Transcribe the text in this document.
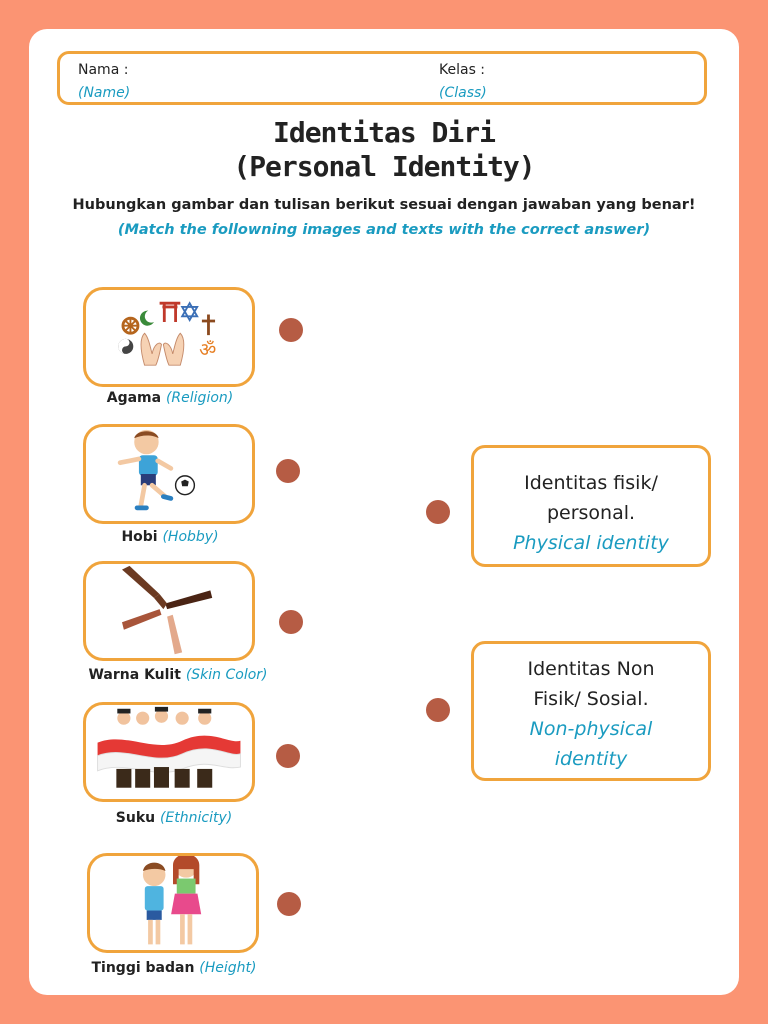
Nama :
(Name)
Kelas :
(Class)
Identitas Diri
(Personal Identity)
Hubungkan gambar dan tulisan berikut sesuai dengan jawaban yang benar!
(Match the followning images and texts with the correct answer)
ॐ
Agama (Religion)
Hobi (Hobby)
Warna Kulit (Skin Color)
Suku (Ethnicity)
Tinggi badan (Height)
Identitas fisik/
personal.
Physical identity
Identitas Non
Fisik/ Sosial.
Non-physical
identity
